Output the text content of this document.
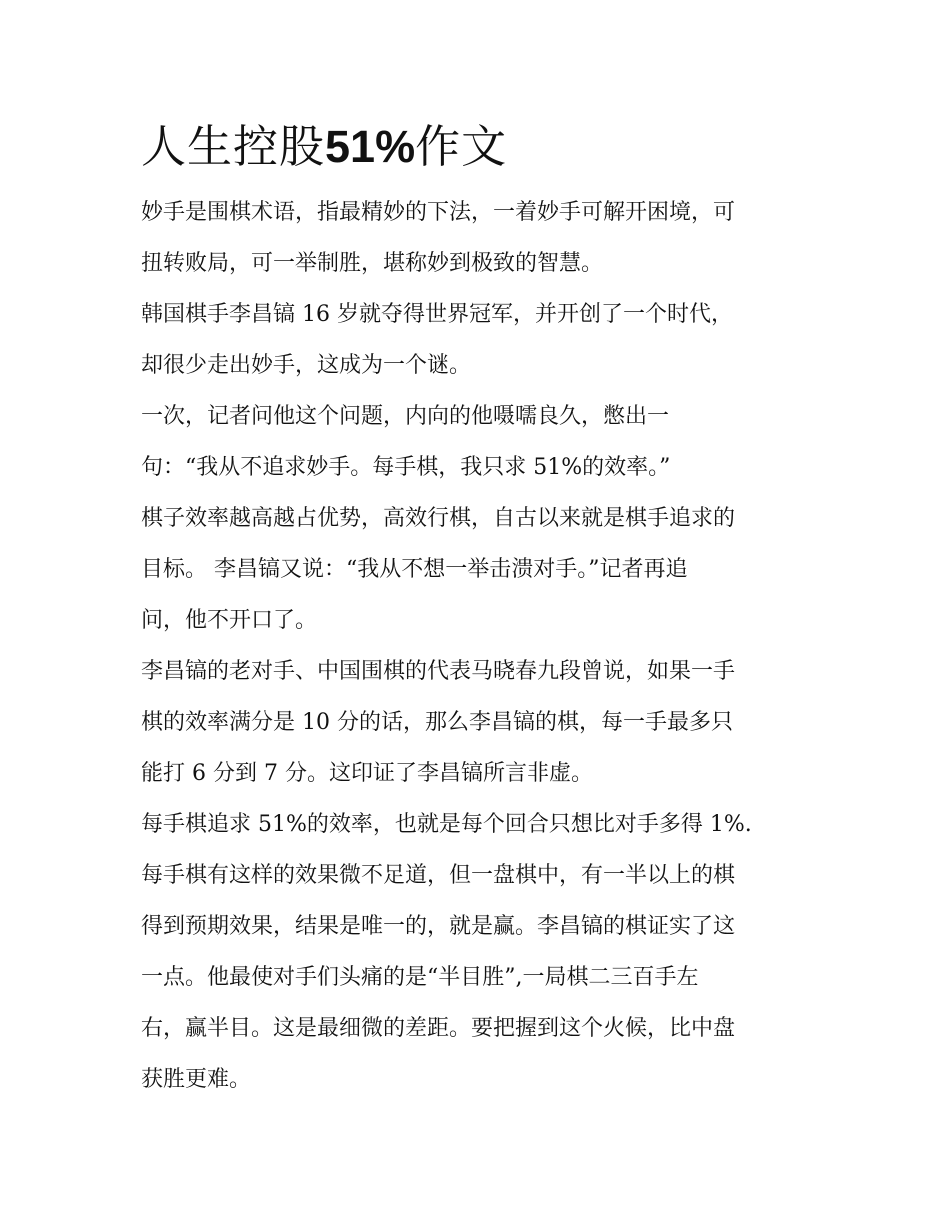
人生控股51%作文
妙手是围棋术语，指最精妙的下法，一着妙手可解开困境，可
扭转败局，可一举制胜，堪称妙到极致的智慧。
韩国棋手李昌镐 16 岁就夺得世界冠军，并开创了一个时代，
却很少走出妙手，这成为一个谜。
一次，记者问他这个问题，内向的他嗫嚅良久，憋出一
句：“我从不追求妙手。每手棋，我只求 51%的效率。”
棋子效率越高越占优势，高效行棋，自古以来就是棋手追求的
目标。 李昌镐又说：“我从不想一举击溃对手。”记者再追
问，他不开口了。
李昌镐的老对手、中国围棋的代表马晓春九段曾说，如果一手
棋的效率满分是 10 分的话，那么李昌镐的棋，每一手最多只
能打 6 分到 7 分。这印证了李昌镐所言非虚。
每手棋追求 51%的效率，也就是每个回合只想比对手多得 1%.
每手棋有这样的效果微不足道，但一盘棋中，有一半以上的棋
得到预期效果，结果是唯一的，就是赢。李昌镐的棋证实了这
一点。他最使对手们头痛的是“半目胜”,一局棋二三百手左
右，赢半目。这是最细微的差距。要把握到这个火候，比中盘
获胜更难。
